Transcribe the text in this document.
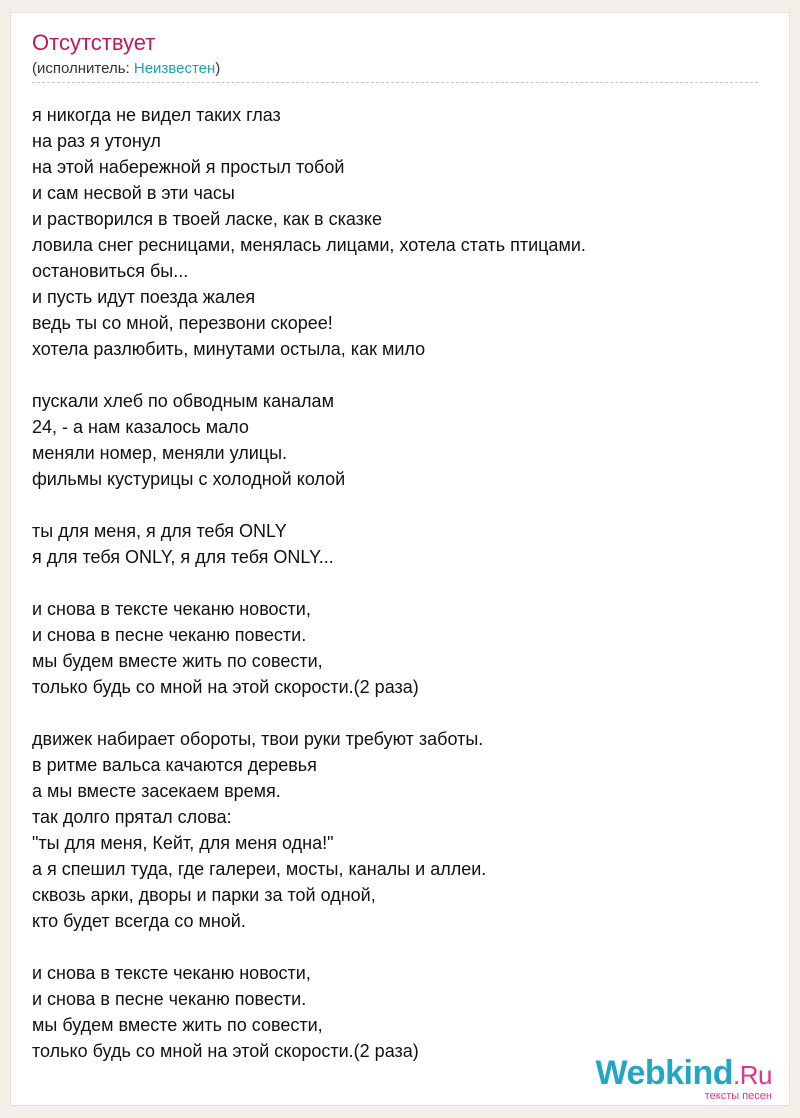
Отсутствует
(исполнитель: Неизвестен)
я никогда не видел таких глаз
на раз я утонул
на этой набережной я простыл тобой
и сам несвой в эти часы
и растворился в твоей ласке, как в сказке
ловила снег ресницами, менялась лицами, хотела стать птицами.
остановиться бы...
и пусть идут поезда жалея
ведь ты со мной, перезвони скорее!
хотела разлюбить, минутами остыла, как мило
пускали хлеб по обводным каналам
24, - а нам казалось мало
меняли номер, меняли улицы.
фильмы кустурицы с холодной колой
ты для меня, я для тебя ONLY
я для тебя ONLY, я для тебя ONLY...
и снова в тексте чеканю новости,
и снова в песне чеканю повести.
мы будем вместе жить по совести,
только будь со мной на этой скорости.(2 раза)
движек набирает обороты, твои руки требуют заботы.
в ритме вальса качаются деревья
а мы вместе засекаем время.
так долго прятал слова:
"ты для меня, Кейт, для меня одна!"
а я спешил туда, где галереи, мосты, каналы и аллеи.
сквозь арки, дворы и парки за той одной,
кто будет всегда со мной.
и снова в тексте чеканю новости,
и снова в песне чеканю повести.
мы будем вместе жить по совести,
только будь со мной на этой скорости.(2 раза)
Webkind.Ru
тексты песен
